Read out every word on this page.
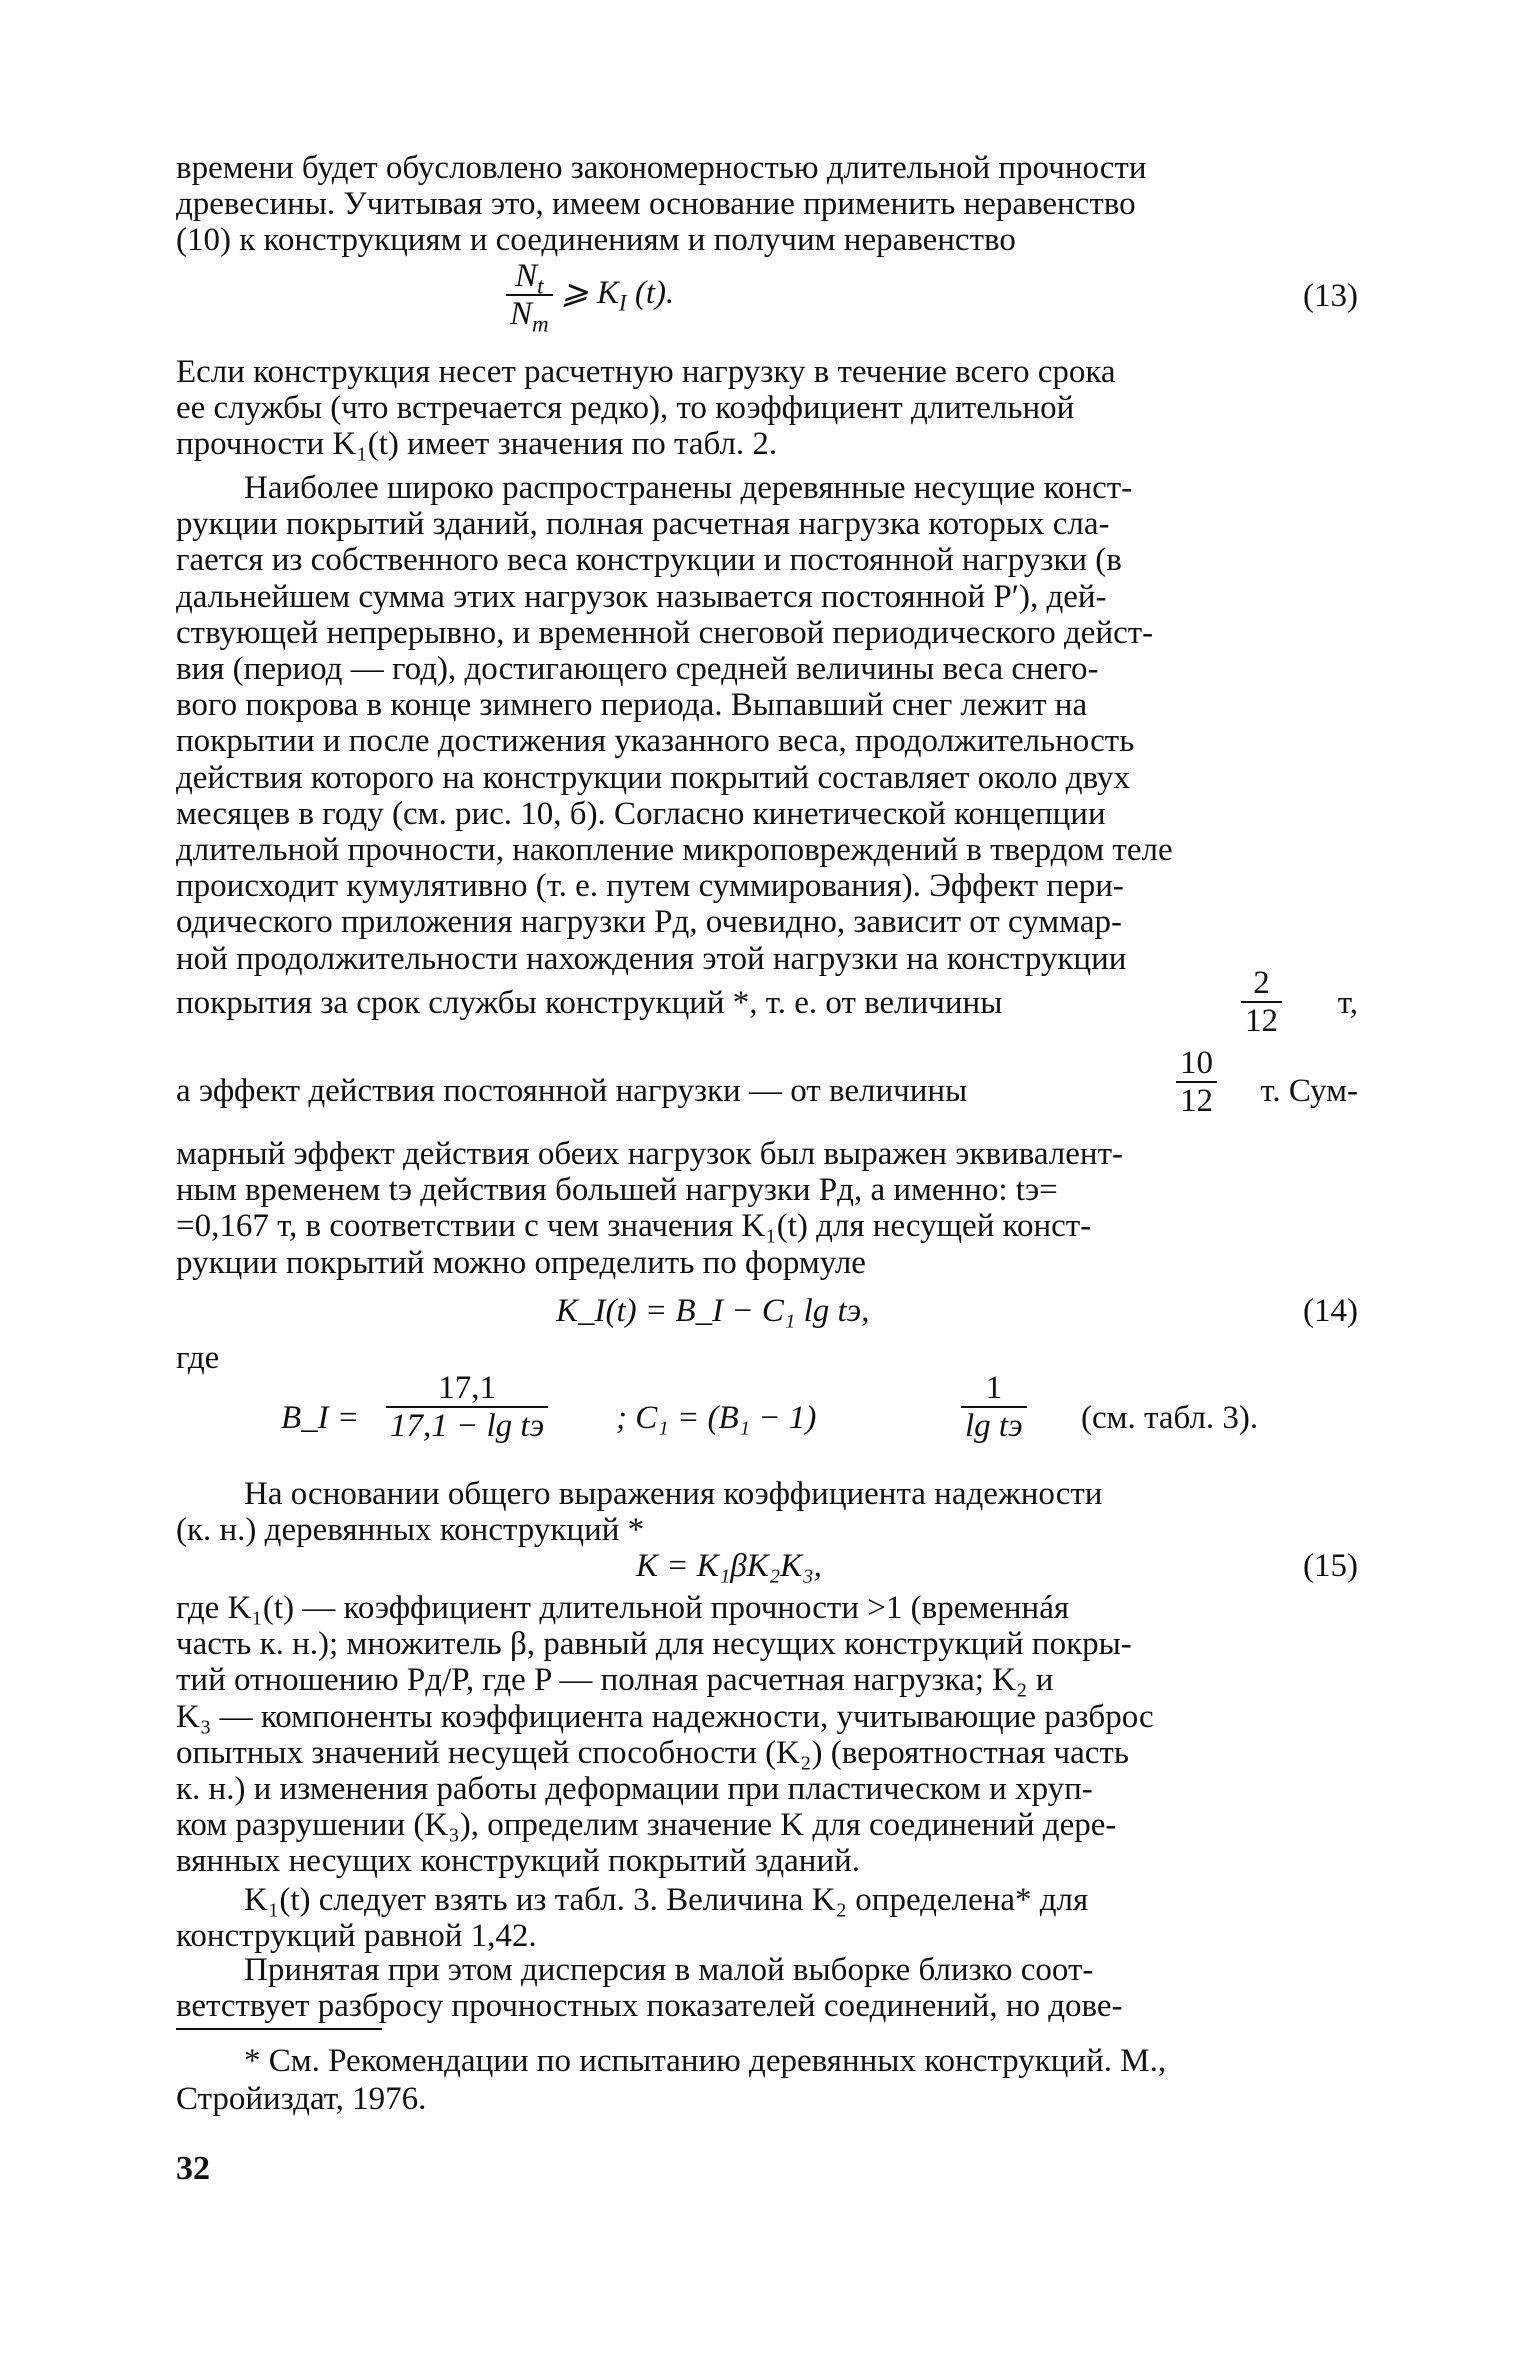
времени будет обусловлено закономерностью длительной прочности

древесины. Учитывая это, имеем основание применить неравенство

(10) к конструкциям и соединениям и получим неравенство

$\frac{N_t}{N_т}$ ⩾ $K_I$ (t).	(13)

Если конструкция несет расчетную нагрузку в течение всего срока

ее службы (что встречается редко), то коэффициент длительной

прочности K₁(t) имеет значения по табл. 2.

Наиболее широко распространены деревянные несущие конст-

рукции покрытий зданий, полная расчетная нагрузка которых сла-

гается из собственного веса конструкции и постоянной нагрузки (в

дальнейшем сумма этих нагрузок называется постоянной P′), дей-

ствующей непрерывно, и временной снеговой периодического дейст-

вия (период — год), достигающего средней величины веса снего-

вого покрова в конце зимнего периода. Выпавший снег лежит на

покрытии и после достижения указанного веса, продолжительность

действия которого на конструкции покрытий составляет около двух

месяцев в году (см. рис. 10, б). Согласно кинетической концепции

длительной прочности, накопление микроповреждений в твердом теле

происходит кумулятивно (т. е. путем суммирования). Эффект пери-

одического приложения нагрузки Pд, очевидно, зависит от суммар-

ной продолжительности нахождения этой нагрузки на конструкции

покрытия за срок службы конструкций *, т. е. от величины	$\frac{2}{12} т$,
а эффект действия постоянной нагрузки — от величины	$\frac{10}{12} т$. Сум-

марный эффект действия обеих нагрузок был выражен эквивалент-

ным временем tэ действия большей нагрузки Pд, а именно: tэ=

=0,167 т, в соответствии с чем значения K₁(t) для несущей конст-

рукции покрытий можно определить по формуле

K_I(t) = B_I − C₁ lg tэ,	(14)

где

B_I =
17,1
17,1 − lg tэ ; C₁ = (B₁ − 1)
1
lg tэ (см. табл. 3).

На основании общего выражения коэффициента надежности

(к. н.) деревянных конструкций *

K = K₁βK₂K₃,	(15)

где K₁(t) — коэффициент длительной прочности >1 (временнáя

часть к. н.); множитель β, равный для несущих конструкций покры-

тий отношению Pд/P, где P — полная расчетная нагрузка; K₂ и

K₃ — компоненты коэффициента надежности, учитывающие разброс

опытных значений несущей способности (K₂) (вероятностная часть

к. н.) и изменения работы деформации при пластическом и хруп-

ком разрушении (K₃), определим значение K для соединений дере-

вянных несущих конструкций покрытий зданий.

K₁(t) следует взять из табл. 3. Величина K₂ определена* для

конструкций равной 1,42.

Принятая при этом дисперсия в малой выборке близко соот-

ветствует разбросу прочностных показателей соединений, но дове-

* См. Рекомендации по испытанию деревянных конструкций. М.,

Стройиздат, 1976.

32
